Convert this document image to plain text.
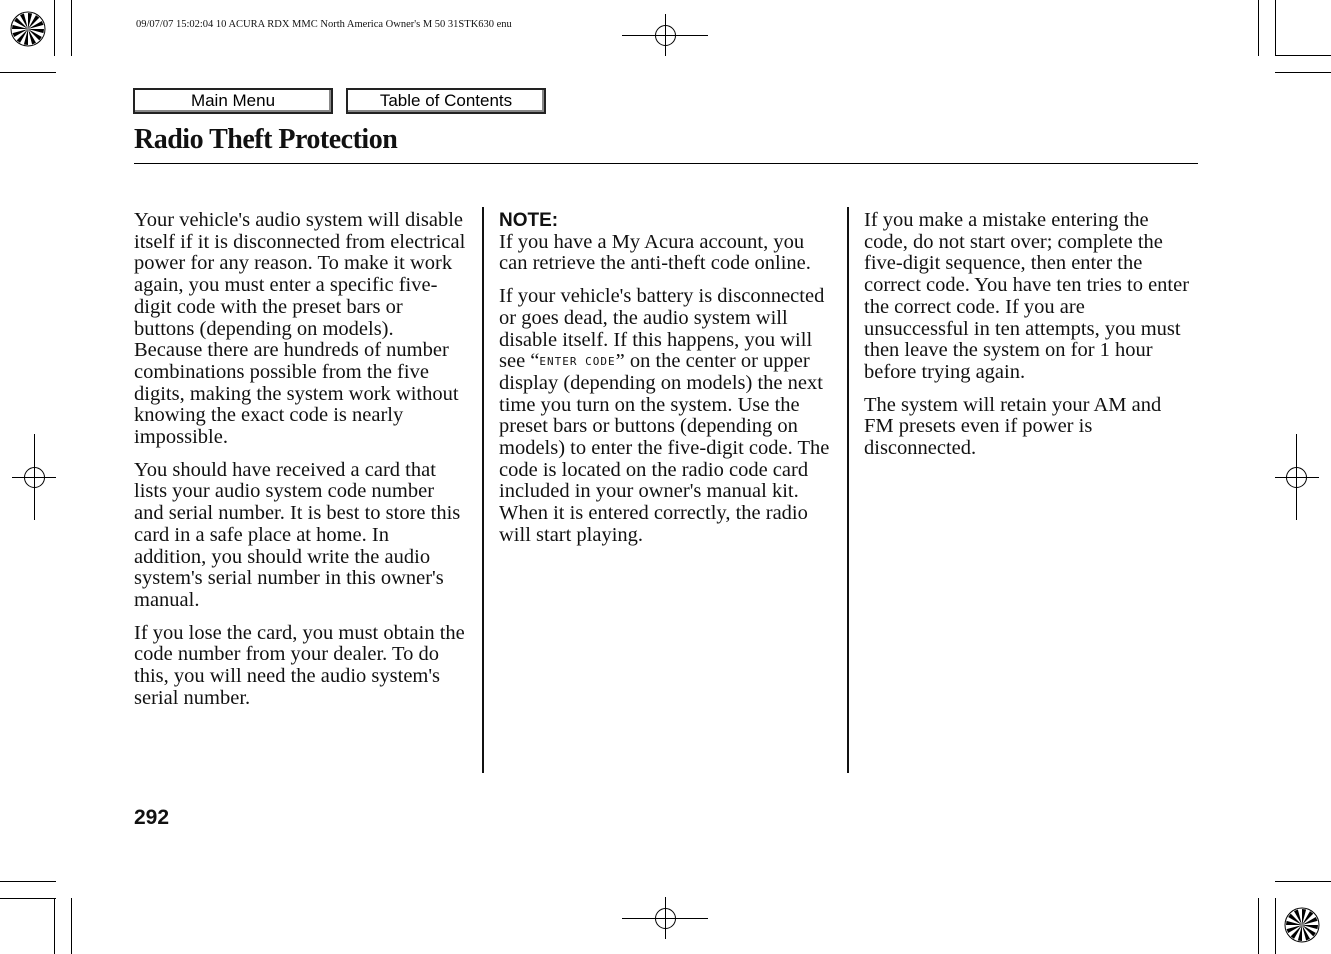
09/07/07 15:02:04 10 ACURA RDX MMC North America Owner's M 50 31STK630 enu
Main Menu	Table of Contents
Radio Theft Protection

Your vehicle's audio system will disable itself if it is disconnected from electrical power for any reason. To make it work again, you must enter a specific five-digit code with the preset bars or buttons (depending on models). Because there are hundreds of number combinations possible from the five digits, making the system work without knowing the exact code is nearly impossible.

You should have received a card that lists your audio system code number and serial number. It is best to store this card in a safe place at home. In addition, you should write the audio system's serial number in this owner's manual.

If you lose the card, you must obtain the code number from your dealer. To do this, you will need the audio system's serial number.

NOTE:

If you have a My Acura account, you can retrieve the anti-theft code online.

If your vehicle's battery is disconnected or goes dead, the audio system will disable itself. If this happens, you will see “ENTER CODE” on the center or upper display (depending on models) the next time you turn on the system. Use the preset bars or buttons (depending on models) to enter the five-digit code. The code is located on the radio code card included in your owner's manual kit. When it is entered correctly, the radio will start playing.

If you make a mistake entering the code, do not start over; complete the five-digit sequence, then enter the correct code. You have ten tries to enter the correct code. If you are unsuccessful in ten attempts, you must then leave the system on for 1 hour before trying again.

The system will retain your AM and FM presets even if power is disconnected.

292
